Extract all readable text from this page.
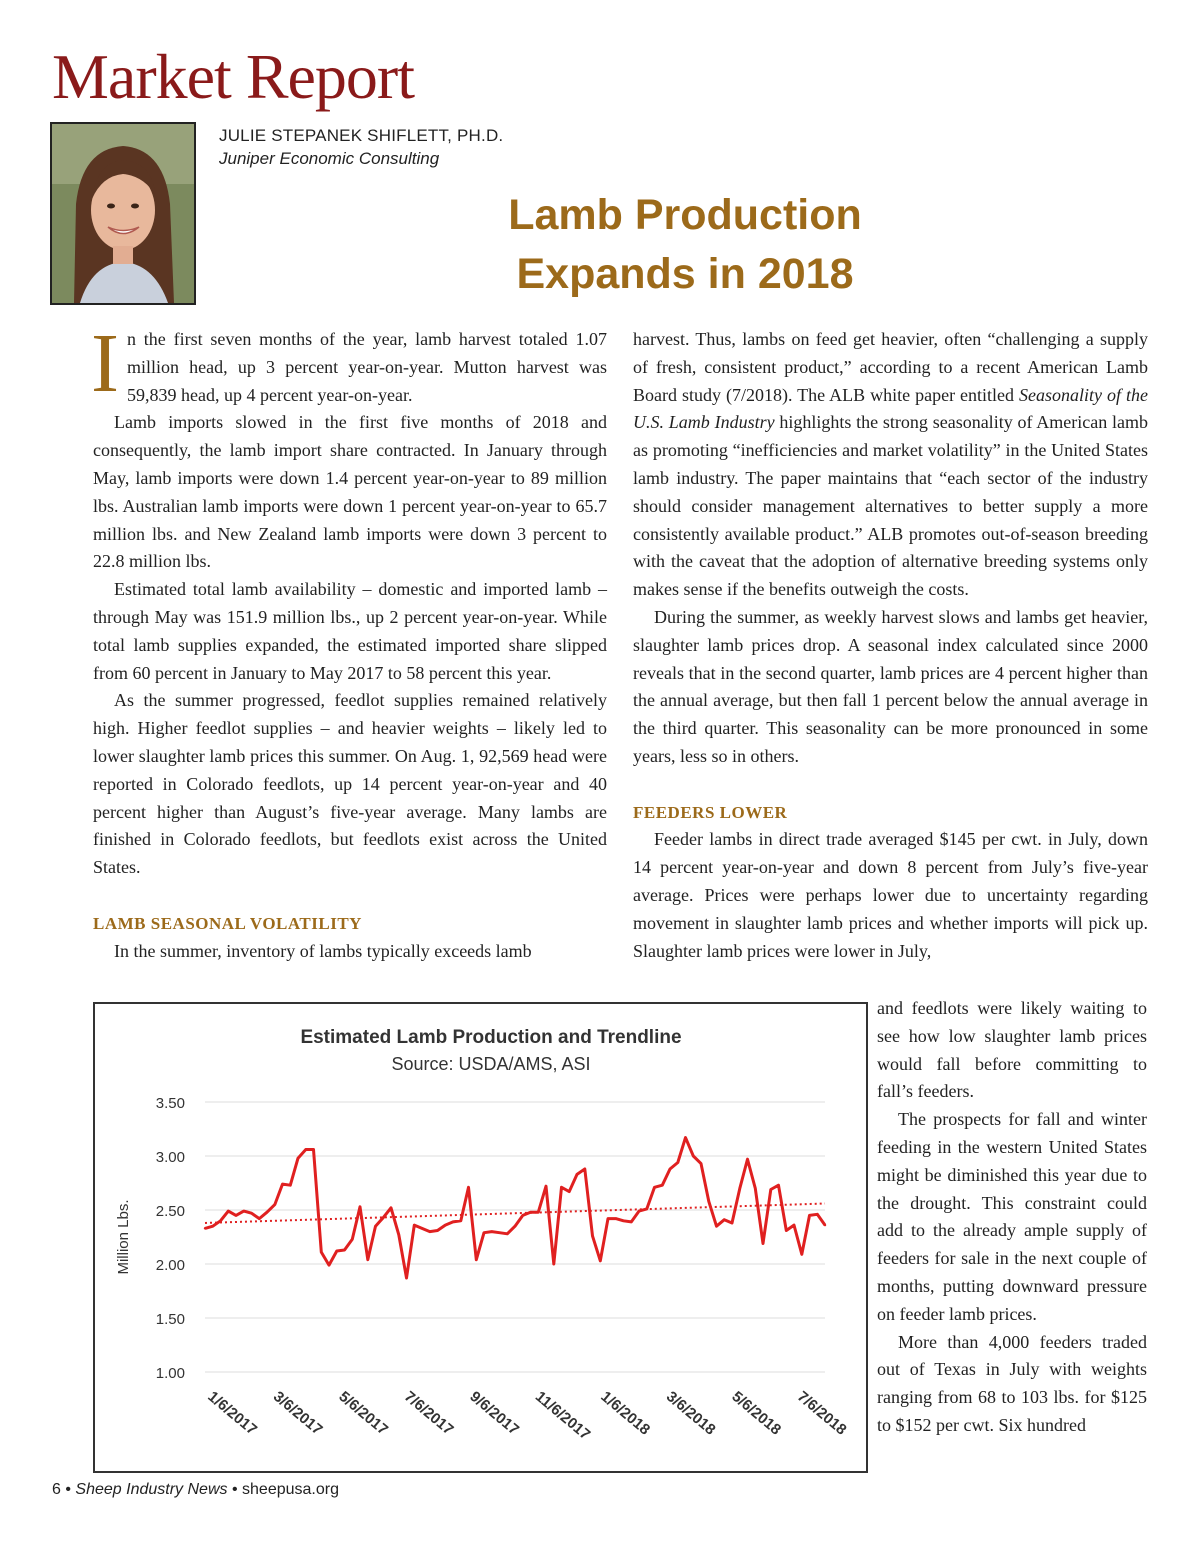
Market Report
JULIE STEPANEK SHIFLETT, PH.D.
Juniper Economic Consulting
Lamb Production
Expands in 2018

In the first seven months of the year, lamb harvest totaled 1.07 million head, up 3 percent year-on-year. Mutton harvest was 59,839 head, up 4 percent year-on-year.

Lamb imports slowed in the first five months of 2018 and consequently, the lamb import share contracted. In January through May, lamb imports were down 1.4 percent year-on-year to 89 million lbs. Australian lamb imports were down 1 percent year-on-year to 65.7 million lbs. and New Zealand lamb imports were down 3 percent to 22.8 million lbs.

Estimated total lamb availability – domestic and imported lamb – through May was 151.9 million lbs., up 2 percent year-on-year. While total lamb supplies expanded, the estimated imported share slipped from 60 percent in January to May 2017 to 58 percent this year.

As the summer progressed, feedlot supplies remained relatively high. Higher feedlot supplies – and heavier weights – likely led to lower slaughter lamb prices this summer. On Aug. 1, 92,569 head were reported in Colorado feedlots, up 14 percent year-on-year and 40 percent higher than August’s five-year average. Many lambs are finished in Colorado feedlots, but feedlots exist across the United States.

LAMB SEASONAL VOLATILITY

In the summer, inventory of lambs typically exceeds lamb

harvest. Thus, lambs on feed get heavier, often “challenging a supply of fresh, consistent product,” according to a recent American Lamb Board study (7/2018). The ALB white paper entitled Seasonality of the U.S. Lamb Industry highlights the strong seasonality of American lamb as promoting “inefficiencies and market volatility” in the United States lamb industry. The paper maintains that “each sector of the industry should consider management alternatives to better supply a more consistently available product.” ALB promotes out-of-season breeding with the caveat that the adoption of alternative breeding systems only makes sense if the benefits outweigh the costs.

During the summer, as weekly harvest slows and lambs get heavier, slaughter lamb prices drop. A seasonal index calculated since 2000 reveals that in the second quarter, lamb prices are 4 percent higher than the annual average, but then fall 1 percent below the annual average in the third quarter. This seasonality can be more pronounced in some years, less so in others.

FEEDERS LOWER

Feeder lambs in direct trade averaged $145 per cwt. in July, down 14 percent year-on-year and down 8 percent from July’s five-year average. Prices were perhaps lower due to uncertainty regarding movement in slaughter lamb prices and whether imports will pick up. Slaughter lamb prices were lower in July,

and feedlots were likely waiting to see how low slaughter lamb prices would fall before committing to fall’s feeders.

The prospects for fall and winter feeding in the western United States might be diminished this year due to the drought. This constraint could add to the already ample supply of feeders for sale in the next couple of months, putting downward pressure on feeder lamb prices.

More than 4,000 feeders traded out of Texas in July with weights ranging from 68 to 103 lbs. for $125 to $152 per cwt. Six hundred

Estimated Lamb Production and Trendline
Source: USDA/AMS, ASI
1.00
1.50
2.00
2.50
3.00
3.50
Million Lbs.
1/6/2017 3/6/2017 5/6/2017 7/6/2017 9/6/2017 11/6/2017 1/6/2018 3/6/2018 5/6/2018 7/6/2018
6 • Sheep Industry News • sheepusa.org
